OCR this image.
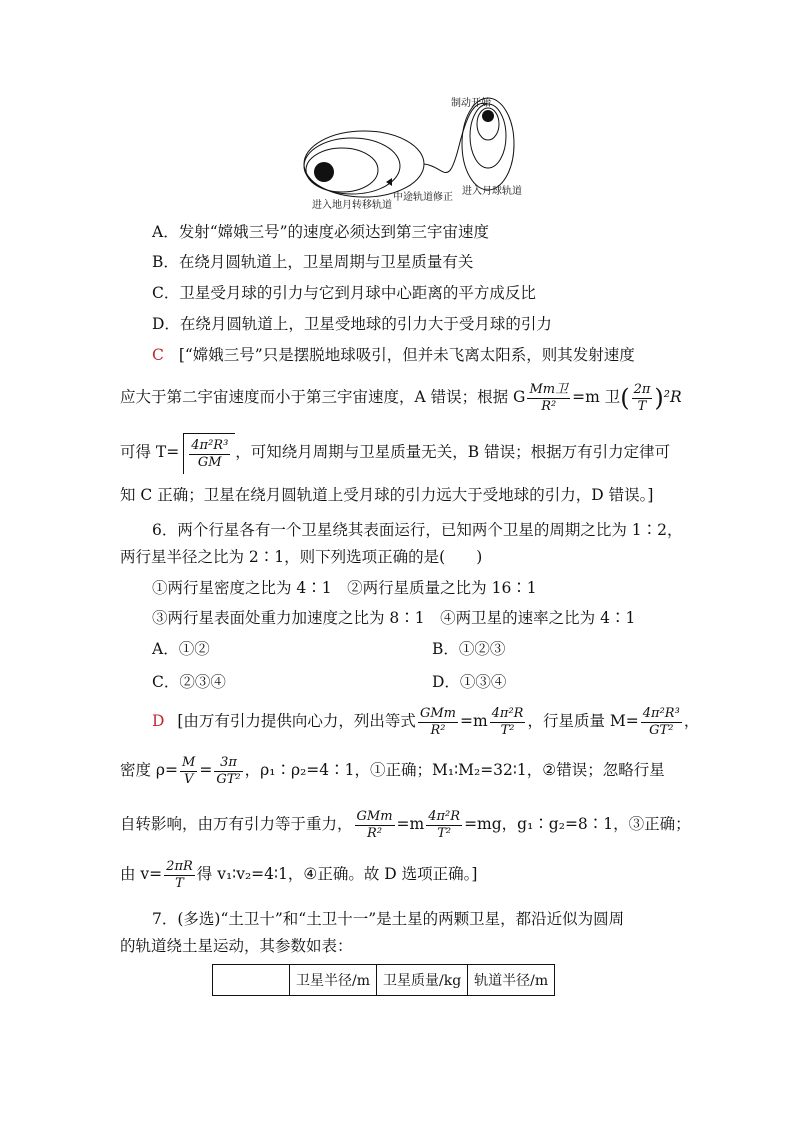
制动开始
中途轨道修正
进入月球轨道
进入地月转移轨道
A．发射“嫦娥三号”的速度必须达到第三宇宙速度
B．在绕月圆轨道上，卫星周期与卫星质量有关
C．卫星受月球的引力与它到月球中心距离的平方成反比
D．在绕月圆轨道上，卫星受地球的引力大于受月球的引力
C [“嫦娥三号”只是摆脱地球吸引，但并未飞离太阳系，则其发射速度
应大于第二宇宙速度而小于第三宇宙速度，A 错误；根据 G $\frac{\text{Mm卫}}{\text{R²}} =m$ 卫( $\frac{2\pi}{T} )^2R$
可得 $T= \frac{\text{4π²R³}}{GM}$ ，可知绕月周期与卫星质量无关，B 错误；根据万有引力定律可
知 C 正确；卫星在绕月圆轨道上受月球的引力远大于受地球的引力，D 错误。]
6．两个行星各有一个卫星绕其表面运行，已知两个卫星的周期之比为 1∶2，
两行星半径之比为 2∶1，则下列选项正确的是(　　)
①两行星密度之比为 4∶1　②两行星质量之比为 16∶1
③两行星表面处重力加速度之比为 8∶1　④两卫星的速率之比为 4∶1
A．①②	B．①②③
C．②③④	D．①③④
D [由万有引力提供向心力，列出等式 $\frac{\text{GMm}}{\text{R²}} =m \frac{\text{4π²R}}{\text{T²}}$ ，行星质量 $M= \frac{\text{4π²R³}}{\text{GT²}}$ ，
密度 $\rho= \frac{M}{V} = \frac{3\pi}{\text{GT²}}$ ，ρ₁∶ρ₂=4∶1，①正确；M₁∶M₂=32∶1，②错误；忽略行星
自转影响，由万有引力等于重力， $\frac{\text{GMm}}{\text{R²}} =m \frac{\text{4π²R}}{\text{T²}} =mg$，g₁∶g₂=8∶1，③正确；
由 $v= \frac{2\pi R}{T}$ 得 v₁∶v₂=4∶1，④正确。故 D 选项正确。]
7．(多选)“土卫十”和“土卫十一”是土星的两颗卫星，都沿近似为圆周
的轨道绕土星运动，其参数如表：
	卫星半径/m	卫星质量/kg	轨道半径/m
